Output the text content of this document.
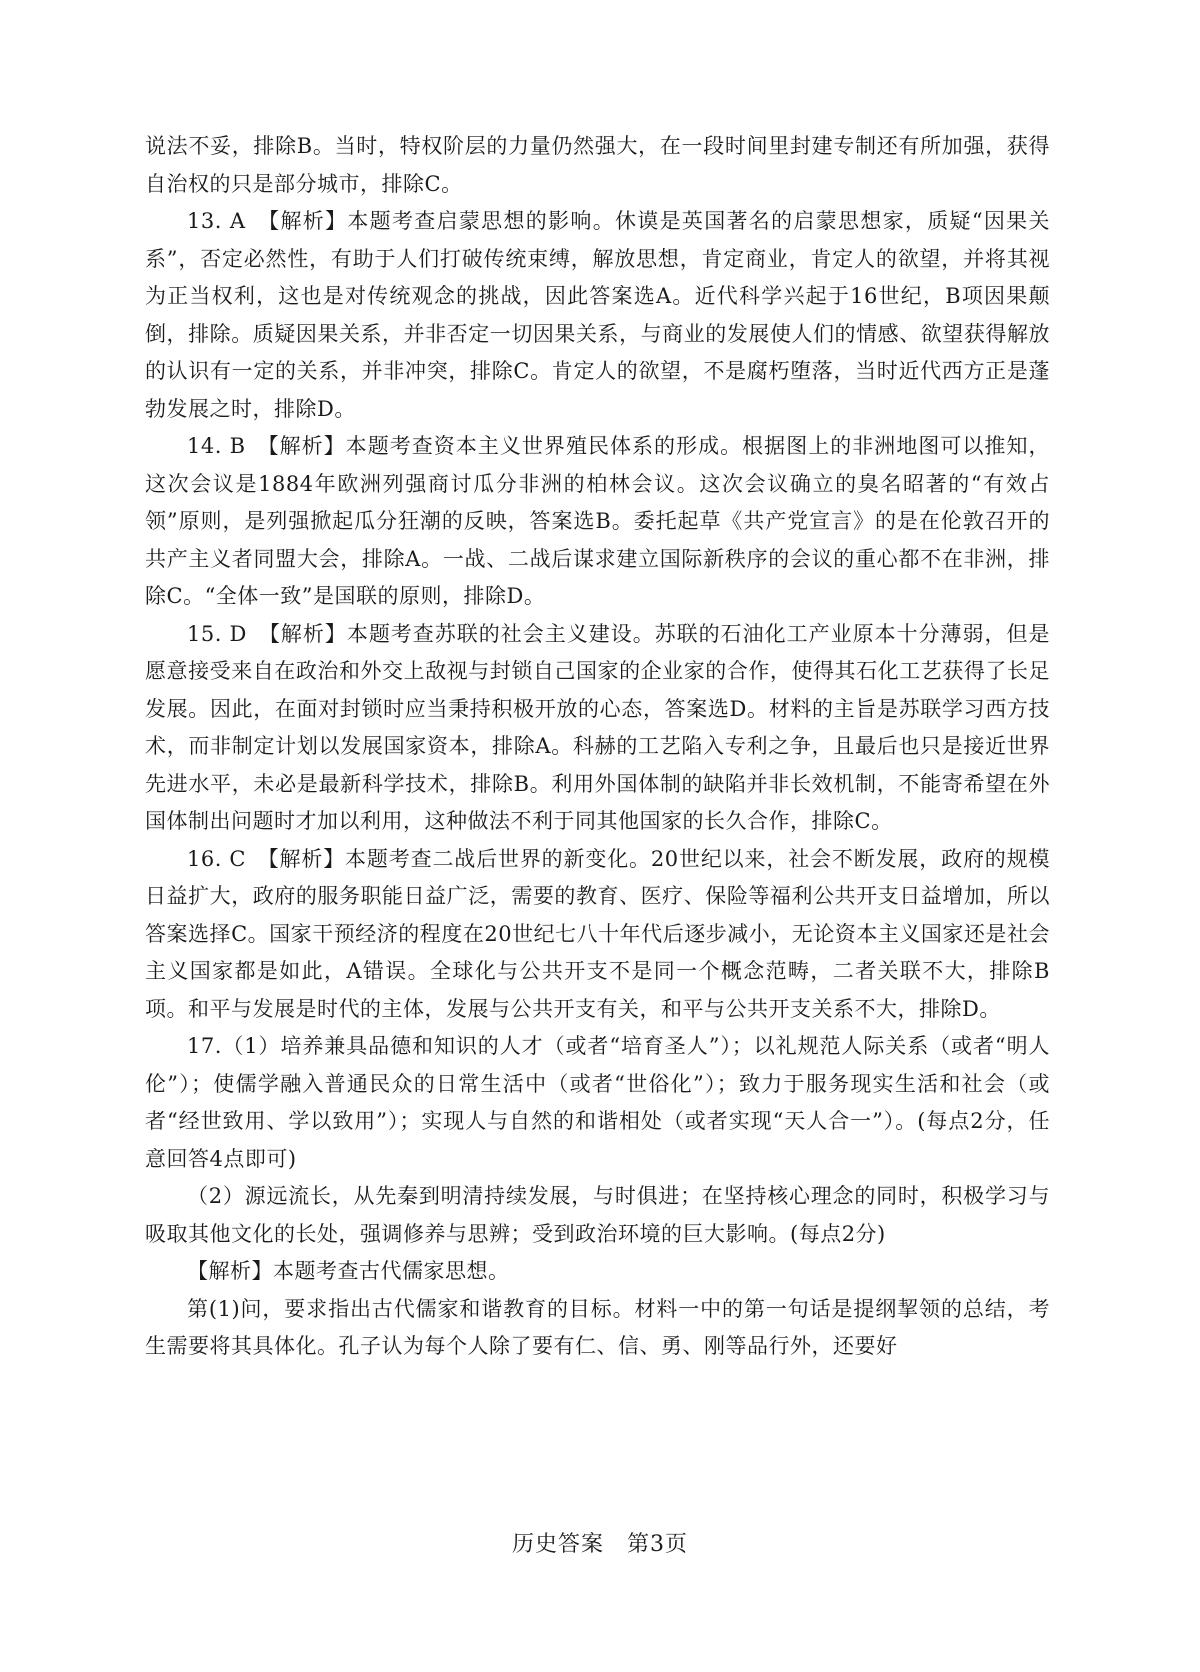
说法不妥，排除B。当时，特权阶层的力量仍然强大，在一段时间里封建专制还有所加强，获得自治权的只是部分城市，排除C。

13. A　【解析】本题考查启蒙思想的影响。休谟是英国著名的启蒙思想家，质疑“因果关系”，否定必然性，有助于人们打破传统束缚，解放思想，肯定商业，肯定人的欲望，并将其视为正当权利，这也是对传统观念的挑战，因此答案选A。近代科学兴起于16世纪，B项因果颠倒，排除。质疑因果关系，并非否定一切因果关系，与商业的发展使人们的情感、欲望获得解放的认识有一定的关系，并非冲突，排除C。肯定人的欲望，不是腐朽堕落，当时近代西方正是蓬勃发展之时，排除D。

14. B　【解析】本题考查资本主义世界殖民体系的形成。根据图上的非洲地图可以推知，这次会议是1884年欧洲列强商讨瓜分非洲的柏林会议。这次会议确立的臭名昭著的“有效占领”原则，是列强掀起瓜分狂潮的反映，答案选B。委托起草《共产党宣言》的是在伦敦召开的共产主义者同盟大会，排除A。一战、二战后谋求建立国际新秩序的会议的重心都不在非洲，排除C。“全体一致”是国联的原则，排除D。

15. D　【解析】本题考查苏联的社会主义建设。苏联的石油化工产业原本十分薄弱，但是愿意接受来自在政治和外交上敌视与封锁自己国家的企业家的合作，使得其石化工艺获得了长足发展。因此，在面对封锁时应当秉持积极开放的心态，答案选D。材料的主旨是苏联学习西方技术，而非制定计划以发展国家资本，排除A。科赫的工艺陷入专利之争，且最后也只是接近世界先进水平，未必是最新科学技术，排除B。利用外国体制的缺陷并非长效机制，不能寄希望在外国体制出问题时才加以利用，这种做法不利于同其他国家的长久合作，排除C。

16. C　【解析】本题考查二战后世界的新变化。20世纪以来，社会不断发展，政府的规模日益扩大，政府的服务职能日益广泛，需要的教育、医疗、保险等福利公共开支日益增加，所以答案选择C。国家干预经济的程度在20世纪七八十年代后逐步减小，无论资本主义国家还是社会主义国家都是如此，A错误。全球化与公共开支不是同一个概念范畴，二者关联不大，排除B项。和平与发展是时代的主体，发展与公共开支有关，和平与公共开支关系不大，排除D。

17.（1）培养兼具品德和知识的人才（或者“培育圣人”）；以礼规范人际关系（或者“明人伦”）；使儒学融入普通民众的日常生活中（或者“世俗化”）；致力于服务现实生活和社会（或者“经世致用、学以致用”）；实现人与自然的和谐相处（或者实现“天人合一”）。(每点2分，任意回答4点即可)

（2）源远流长，从先秦到明清持续发展，与时俱进；在坚持核心理念的同时，积极学习与吸取其他文化的长处，强调修养与思辨；受到政治环境的巨大影响。(每点2分)

【解析】本题考查古代儒家思想。

第(1)问，要求指出古代儒家和谐教育的目标。材料一中的第一句话是提纲挈领的总结，考生需要将其具体化。孔子认为每个人除了要有仁、信、勇、刚等品行外，还要好

历史答案　第3页
